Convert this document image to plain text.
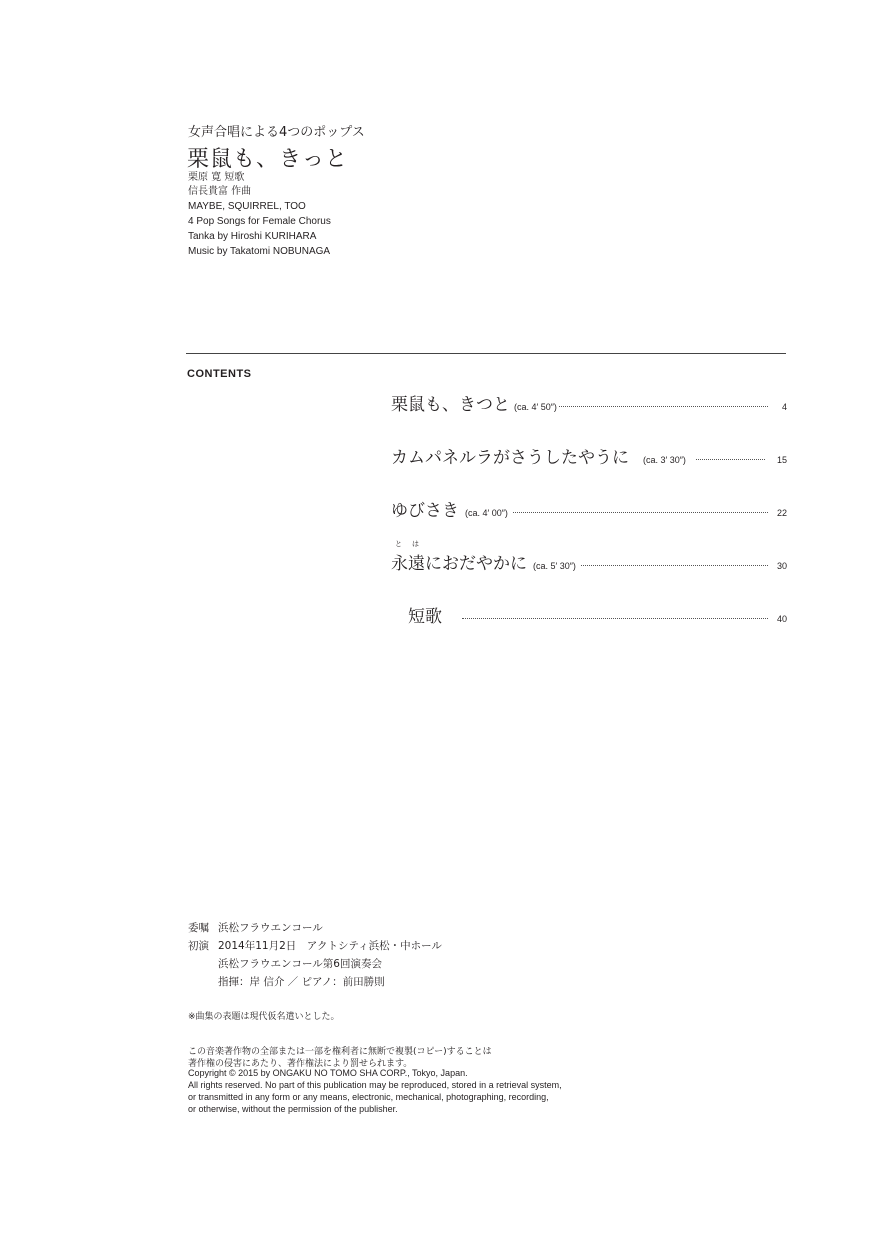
女声合唱による4つのポップス
栗鼠も、きっと
栗原 寛 短歌
信長貴富 作曲
MAYBE, SQUIRREL, TOO
4 Pop Songs for Female Chorus
Tanka by Hiroshi KURIHARA
Music by Takatomi NOBUNAGA
CONTENTS
栗鼠も、きつと (ca. 4′ 50″)	4
カムパネルラがさうしたやうに (ca. 3′ 30″)	15
ゆびさき (ca. 4′ 00″)	22
と は
永遠におだやかに (ca. 5′ 30″)	30
短歌	40
委嘱 浜松フラウエンコール
初演 2014年11月2日　アクトシティ浜松・中ホール
浜松フラウエンコール第6回演奏会
指揮：岸 信介 ／ ピアノ：前田勝則
※曲集の表題は現代仮名遣いとした。
この音楽著作物の全部または一部を権利者に無断で複製(コピー)することは
著作権の侵害にあたり、著作権法により罰せられます。
Copyright © 2015 by ONGAKU NO TOMO SHA CORP., Tokyo, Japan.
All rights reserved. No part of this publication may be reproduced, stored in a retrieval system,
or transmitted in any form or any means, electronic, mechanical, photographing, recording,
or otherwise, without the permission of the publisher.
